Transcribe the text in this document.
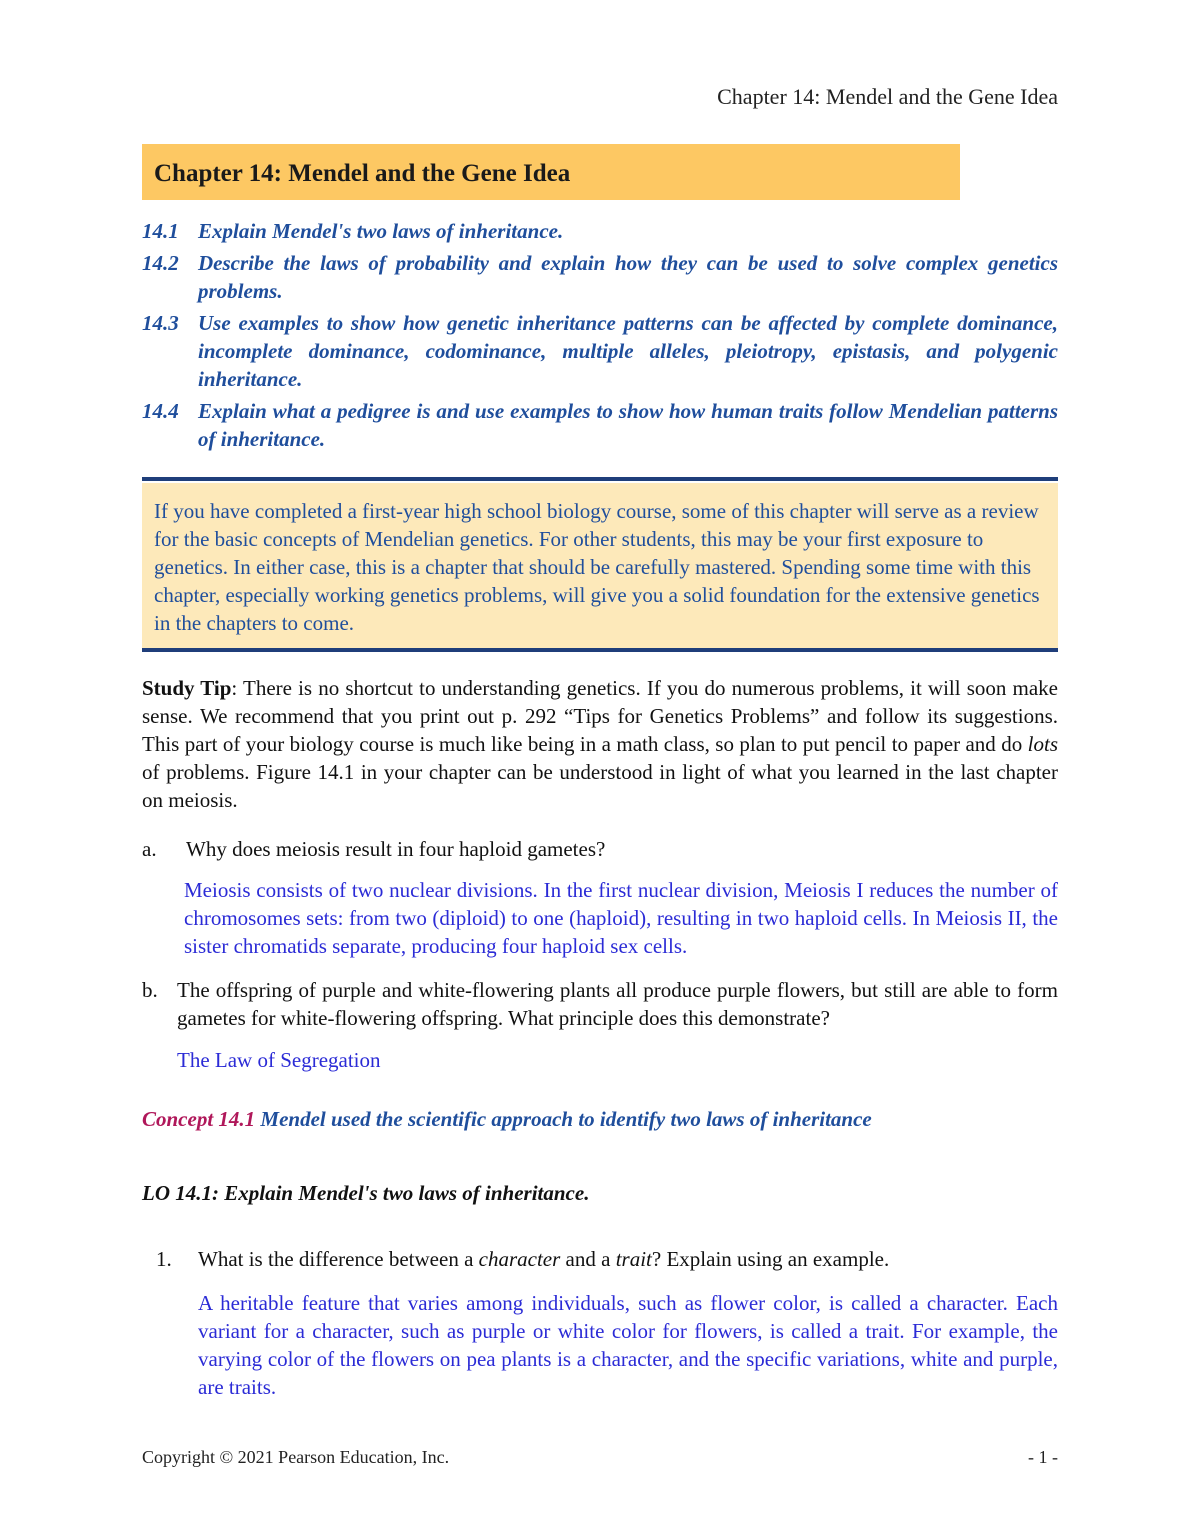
Chapter 14: Mendel and the Gene Idea
Chapter 14: Mendel and the Gene Idea
14.1 Explain Mendel's two laws of inheritance.
14.2 Describe the laws of probability and explain how they can be used to solve complex genetics problems.
14.3 Use examples to show how genetic inheritance patterns can be affected by complete dominance, incomplete dominance, codominance, multiple alleles, pleiotropy, epistasis, and polygenic inheritance.
14.4 Explain what a pedigree is and use examples to show how human traits follow Mendelian patterns of inheritance.
If you have completed a first-year high school biology course, some of this chapter will serve as a review for the basic concepts of Mendelian genetics. For other students, this may be your first exposure to genetics. In either case, this is a chapter that should be carefully mastered. Spending some time with this chapter, especially working genetics problems, will give you a solid foundation for the extensive genetics in the chapters to come.
Study Tip: There is no shortcut to understanding genetics. If you do numerous problems, it will soon make sense. We recommend that you print out p. 292 “Tips for Genetics Problems” and follow its suggestions. This part of your biology course is much like being in a math class, so plan to put pencil to paper and do lots of problems. Figure 14.1 in your chapter can be understood in light of what you learned in the last chapter on meiosis.
a.	Why does meiosis result in four haploid gametes?
Meiosis consists of two nuclear divisions. In the first nuclear division, Meiosis I reduces the number of chromosomes sets: from two (diploid) to one (haploid), resulting in two haploid cells. In Meiosis II, the sister chromatids separate, producing four haploid sex cells.
b. The offspring of purple and white-flowering plants all produce purple flowers, but still are able to form gametes for white-flowering offspring. What principle does this demonstrate?
The Law of Segregation
Concept 14.1 Mendel used the scientific approach to identify two laws of inheritance
LO 14.1: Explain Mendel's two laws of inheritance.
1.	What is the difference between a character and a trait? Explain using an example.
A heritable feature that varies among individuals, such as flower color, is called a character. Each variant for a character, such as purple or white color for flowers, is called a trait. For example, the varying color of the flowers on pea plants is a character, and the specific variations, white and purple, are traits.
Copyright © 2021 Pearson Education, Inc.	- 1 -
